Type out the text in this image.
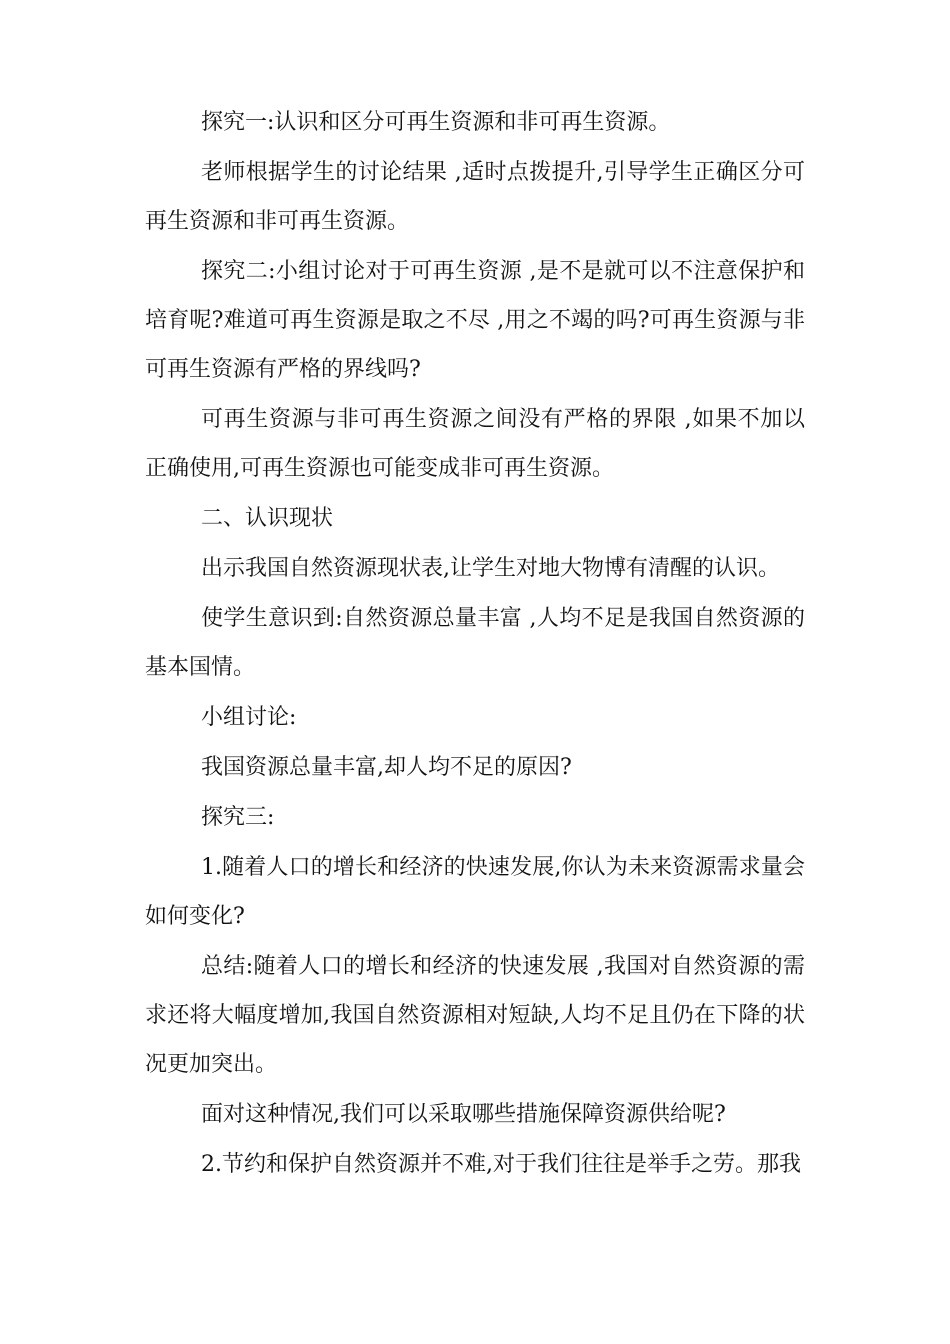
探究一:认识和区分可再生资源和非可再生资源。

老师根据学生的讨论结果 ,适时点拨提升,引导学生正确区分可再生资源和非可再生资源。

探究二:小组讨论对于可再生资源 ,是不是就可以不注意保护和培育呢?难道可再生资源是取之不尽 ,用之不竭的吗?可再生资源与非可再生资源有严格的界线吗?

可再生资源与非可再生资源之间没有严格的界限 ,如果不加以正确使用,可再生资源也可能变成非可再生资源。

二、认识现状

出示我国自然资源现状表,让学生对地大物博有清醒的认识。

使学生意识到:自然资源总量丰富 ,人均不足是我国自然资源的基本国情。

小组讨论:

我国资源总量丰富,却人均不足的原因?

探究三:

1.随着人口的增长和经济的快速发展,你认为未来资源需求量会如何变化?

总结:随着人口的增长和经济的快速发展 ,我国对自然资源的需求还将大幅度增加,我国自然资源相对短缺,人均不足且仍在下降的状况更加突出。

面对这种情况,我们可以采取哪些措施保障资源供给呢?

2.节约和保护自然资源并不难,对于我们往往是举手之劳。那我
